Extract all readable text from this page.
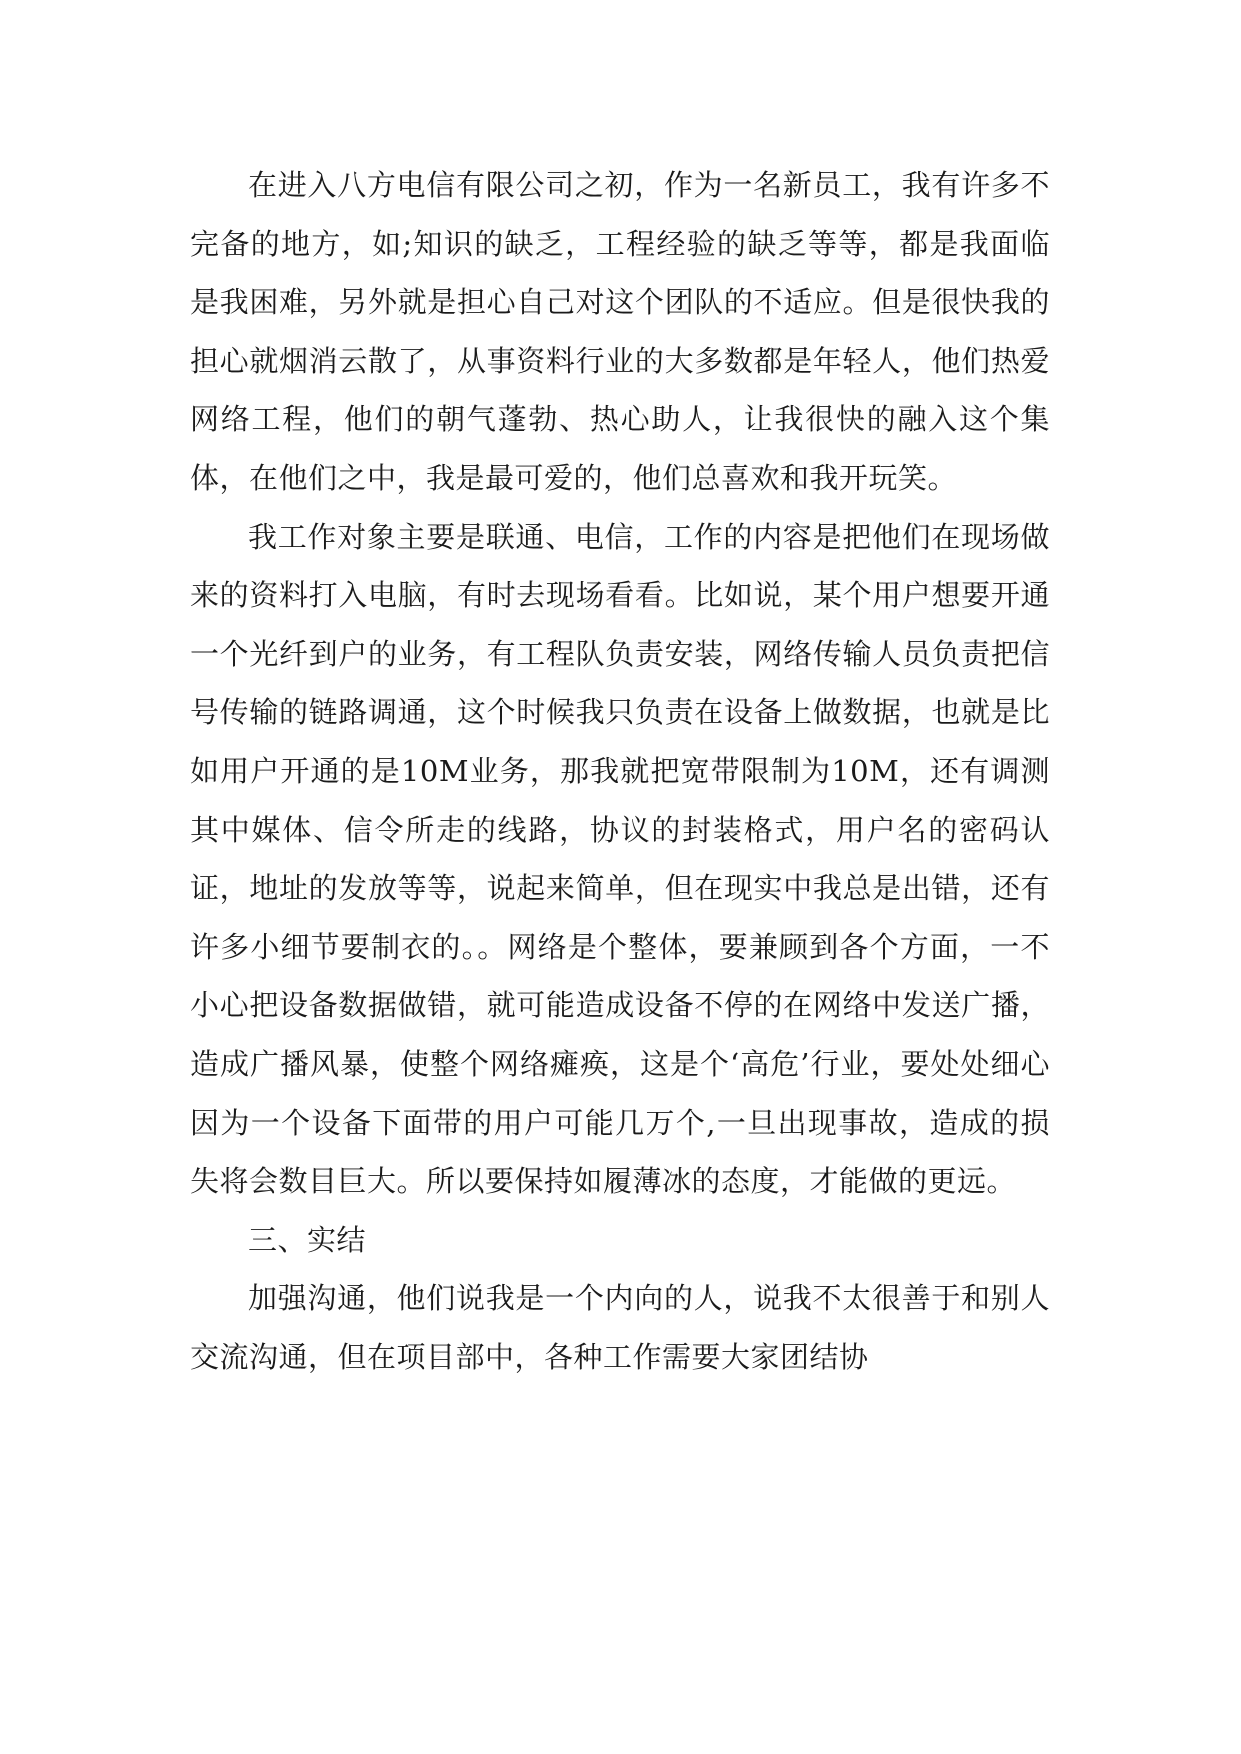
在进入八方电信有限公司之初，作为一名新员工，我有许多不完备的地方，如;知识的缺乏，工程经验的缺乏等等，都是我面临是我困难，另外就是担心自己对这个团队的不适应。但是很快我的担心就烟消云散了，从事资料行业的大多数都是年轻人，他们热爱网络工程，他们的朝气蓬勃、热心助人，让我很快的融入这个集体，在他们之中，我是最可爱的，他们总喜欢和我开玩笑。

我工作对象主要是联通、电信，工作的内容是把他们在现场做来的资料打入电脑，有时去现场看看。比如说，某个用户想要开通一个光纤到户的业务，有工程队负责安装，网络传输人员负责把信号传输的链路调通，这个时候我只负责在设备上做数据，也就是比如用户开通的是10M业务，那我就把宽带限制为10M，还有调测其中媒体、信令所走的线路，协议的封装格式，用户名的密码认证，地址的发放等等，说起来简单，但在现实中我总是出错，还有许多小细节要制衣的。。网络是个整体，要兼顾到各个方面，一不小心把设备数据做错，就可能造成设备不停的在网络中发送广播，造成广播风暴，使整个网络瘫痪，这是个‘高危’行业，要处处细心因为一个设备下面带的用户可能几万个,一旦出现事故，造成的损失将会数目巨大。所以要保持如履薄冰的态度，才能做的更远。

三、实结

加强沟通，他们说我是一个内向的人，说我不太很善于和别人交流沟通，但在项目部中，各种工作需要大家团结协
